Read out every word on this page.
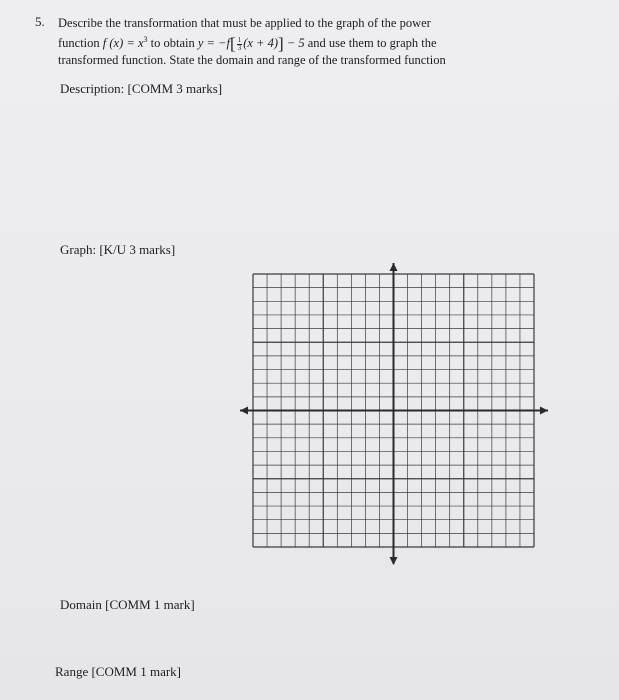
5. Describe the transformation that must be applied to the graph of the power
function f $(x) = x^3$ to obtain $y = -f[ \frac{1}{3} (x + 4)] - 5$ and use them to graph the
transformed function. State the domain and range of the transformed function
Description: [COMM 3 marks]
Graph: [K/U 3 marks]
Domain [COMM 1 mark]
Range [COMM 1 mark]
